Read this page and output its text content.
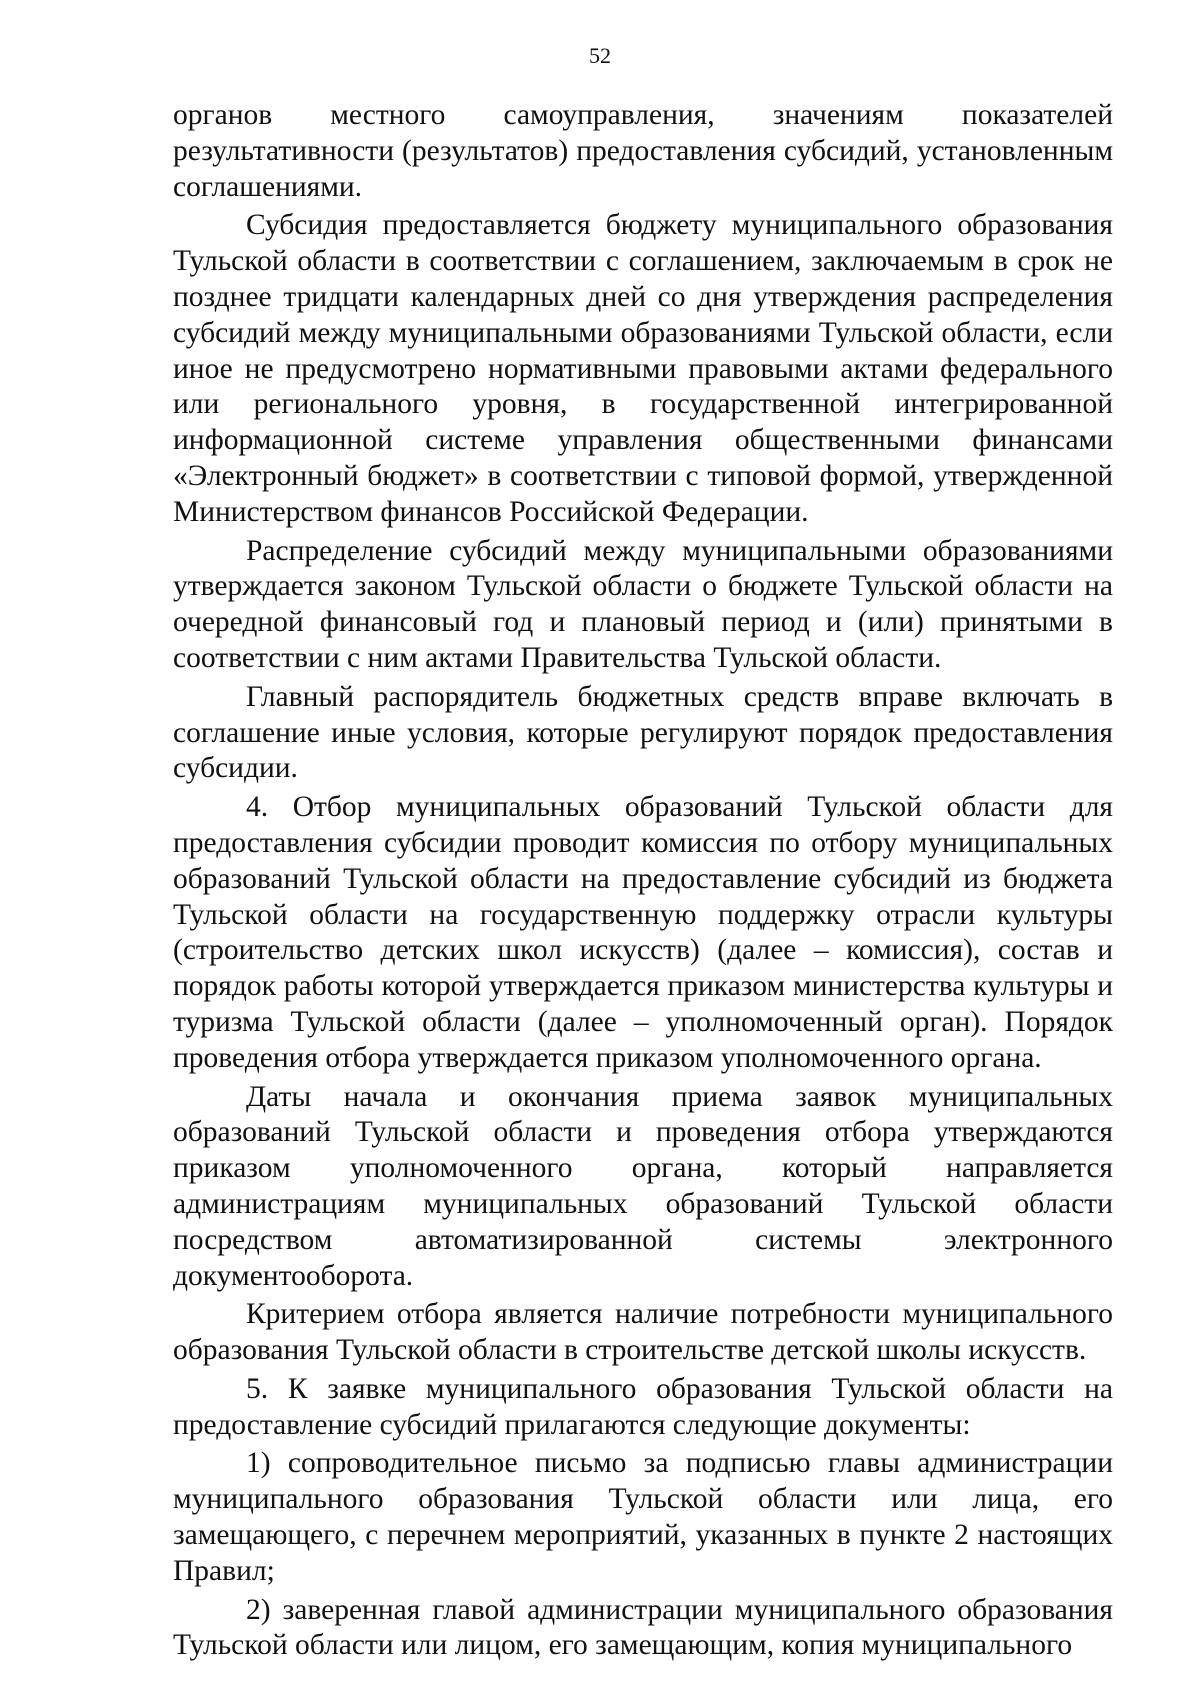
52

органов местного самоуправления, значениям показателей результативности (результатов) предоставления субсидий, установленным соглашениями.

Субсидия предоставляется бюджету муниципального образования Тульской области в соответствии с соглашением, заключаемым в срок не позднее тридцати календарных дней со дня утверждения распределения субсидий между муниципальными образованиями Тульской области, если иное не предусмотрено нормативными правовыми актами федерального или регионального уровня, в государственной интегрированной информационной системе управления общественными финансами «Электронный бюджет» в соответствии с типовой формой, утвержденной Министерством финансов Российской Федерации.

Распределение субсидий между муниципальными образованиями утверждается законом Тульской области о бюджете Тульской области на очередной финансовый год и плановый период и (или) принятыми в соответствии с ним актами Правительства Тульской области.

Главный распорядитель бюджетных средств вправе включать в соглашение иные условия, которые регулируют порядок предоставления субсидии.

4. Отбор муниципальных образований Тульской области для предоставления субсидии проводит комиссия по отбору муниципальных образований Тульской области на предоставление субсидий из бюджета Тульской области на государственную поддержку отрасли культуры (строительство детских школ искусств) (далее – комиссия), состав и порядок работы которой утверждается приказом министерства культуры и туризма Тульской области (далее – уполномоченный орган). Порядок проведения отбора утверждается приказом уполномоченного органа.

Даты начала и окончания приема заявок муниципальных образований Тульской области и проведения отбора утверждаются приказом уполномоченного органа, который направляется администрациям муниципальных образований Тульской области посредством автоматизированной системы электронного документооборота.

Критерием отбора является наличие потребности муниципального образования Тульской области в строительстве детской школы искусств.

5. К заявке муниципального образования Тульской области на предоставление субсидий прилагаются следующие документы:

1) сопроводительное письмо за подписью главы администрации муниципального образования Тульской области или лица, его замещающего, с перечнем мероприятий, указанных в пункте 2 настоящих Правил;

2) заверенная главой администрации муниципального образования Тульской области или лицом, его замещающим, копия муниципального
